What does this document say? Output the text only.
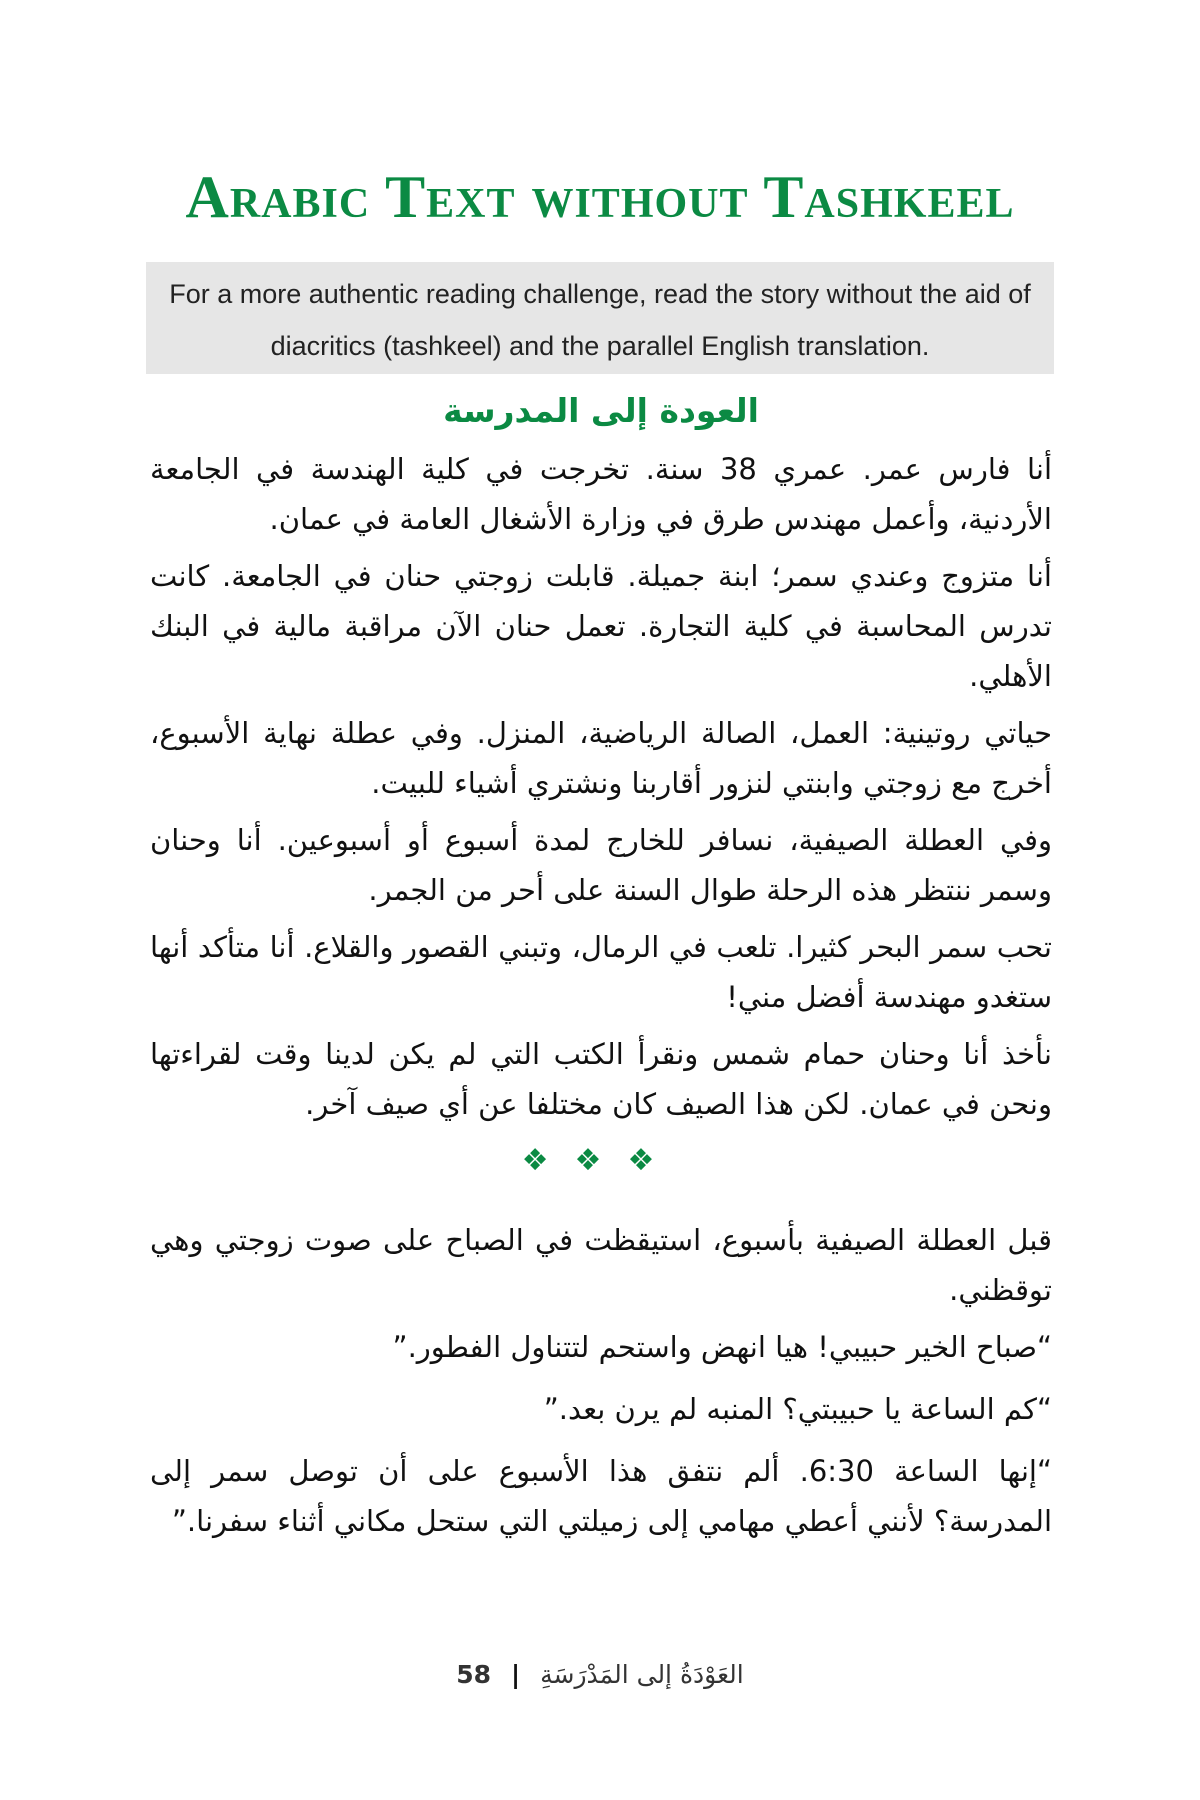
Arabic Text without Tashkeel
For a more authentic reading challenge, read the story without the aid of diacritics (tashkeel) and the parallel English translation.
العودة إلى المدرسة

أنا فارس عمر. عمري 38 سنة. تخرجت في كلية الهندسة في الجامعة الأردنية، وأعمل مهندس طرق في وزارة الأشغال العامة في عمان.

أنا متزوج وعندي سمر؛ ابنة جميلة. قابلت زوجتي حنان في الجامعة. كانت تدرس المحاسبة في كلية التجارة. تعمل حنان الآن مراقبة مالية في البنك الأهلي.

حياتي روتينية: العمل، الصالة الرياضية، المنزل. وفي عطلة نهاية الأسبوع، أخرج مع زوجتي وابنتي لنزور أقاربنا ونشتري أشياء للبيت.

وفي العطلة الصيفية، نسافر للخارج لمدة أسبوع أو أسبوعين. أنا وحنان وسمر ننتظر هذه الرحلة طوال السنة على أحر من الجمر.

تحب سمر البحر كثيرا. تلعب في الرمال، وتبني القصور والقلاع. أنا متأكد أنها ستغدو مهندسة أفضل مني!

نأخذ أنا وحنان حمام شمس ونقرأ الكتب التي لم يكن لدينا وقت لقراءتها ونحن في عمان. لكن هذا الصيف كان مختلفا عن أي صيف آخر.

❖❖❖

قبل العطلة الصيفية بأسبوع، استيقظت في الصباح على صوت زوجتي وهي توقظني.

“صباح الخير حبيبي! هيا انهض واستحم لتتناول الفطور.”

“كم الساعة يا حبيبتي؟ المنبه لم يرن بعد.”

“إنها الساعة 6:30. ألم نتفق هذا الأسبوع على أن توصل سمر إلى المدرسة؟ لأنني أعطي مهامي إلى زميلتي التي ستحل مكاني أثناء سفرنا.”

58 | العَوْدَةُ إلى المَدْرَسَةِ
